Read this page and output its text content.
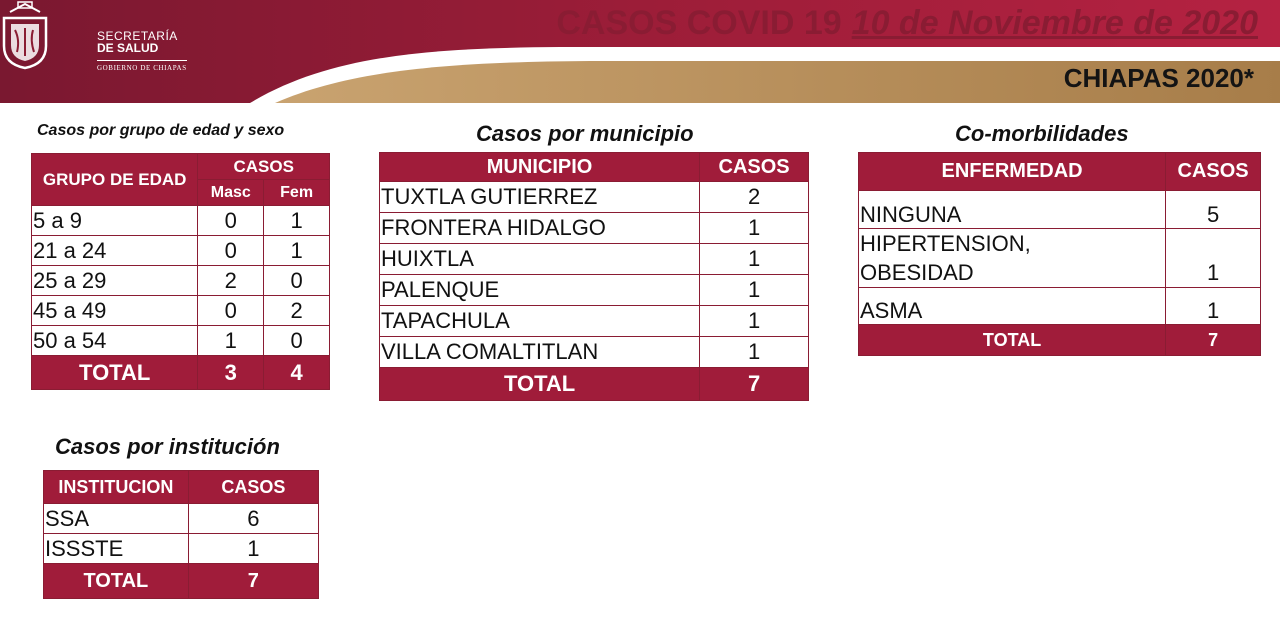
SECRETARÍA
DE SALUD
GOBIERNO DE CHIAPAS
CASOS COVID 19 10 de Noviembre de 2020
CHIAPAS 2020*
Casos por grupo de edad y sexo
GRUPO DE EDAD	CASOS	
	Masc	Fem
5 a 9	0	1
21 a 24	0	1
25 a 29	2	0
45 a 49	0	2
50 a 54	1	0
TOTAL	3	4
Casos por municipio
MUNICIPIO	CASOS
TUXTLA GUTIERREZ	2
FRONTERA HIDALGO	1
HUIXTLA	1
PALENQUE	1
TAPACHULA	1
VILLA COMALTITLAN	1
TOTAL	7
Co-morbilidades
ENFERMEDAD	CASOS
NINGUNA	5

HIPERTENSION,
OBESIDAD	1
ASMA	1
TOTAL	7
Casos por institución
INSTITUCION	CASOS
SSA	6
ISSSTE	1
TOTAL	7
